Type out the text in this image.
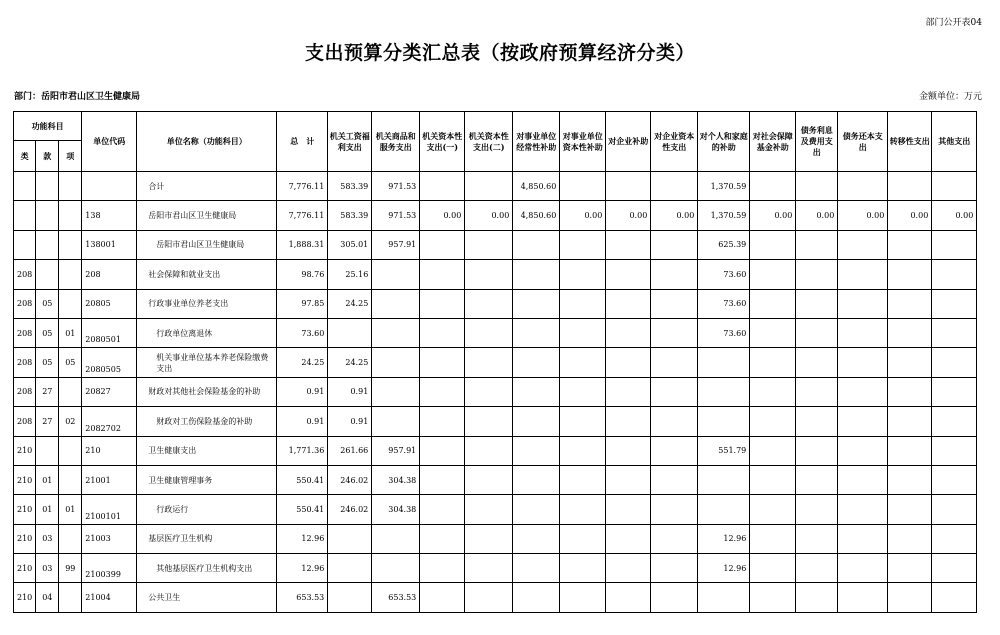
部门公开表04
支出预算分类汇总表（按政府预算经济分类）
部门：岳阳市君山区卫生健康局	金额单位：万元
功能科目			单位代码	单位名称（功能科目）	总　计	机关工资福利支出	机关商品和服务支出	机关资本性支出(一)	机关资本性支出(二)	对事业单位经常性补助	对事业单位资本性补助	对企业补助	对企业资本性支出	对个人和家庭的补助	对社会保障基金补助	债务利息及费用支出	债务还本支出	转移性支出	其他支出
类	款	项																	
				合计	7,776.11	583.39	971.53			4,850.60				1,370.59					
			138	岳阳市君山区卫生健康局	7,776.11	583.39	971.53	0.00	0.00	4,850.60	0.00	0.00	0.00	1,370.59	0.00	0.00	0.00	0.00	0.00
			138001	岳阳市君山区卫生健康局	1,888.31	305.01	957.91							625.39					
208			208	社会保障和就业支出	98.76	25.16								73.60					
208	05		20805	行政事业单位养老支出	97.85	24.25								73.60					
208	05	01	2080501	行政单位离退休	73.60									73.60					
208	05	05	2080505	机关事业单位基本养老保险缴费支出	24.25	24.25													
208	27		20827	财政对其他社会保险基金的补助	0.91	0.91													
208	27	02	2082702	财政对工伤保险基金的补助	0.91	0.91													
210			210	卫生健康支出	1,771.36	261.66	957.91							551.79					
210	01		21001	卫生健康管理事务	550.41	246.02	304.38												
210	01	01	2100101	行政运行	550.41	246.02	304.38												
210	03		21003	基层医疗卫生机构	12.96									12.96					
210	03	99	2100399	其他基层医疗卫生机构支出	12.96									12.96					
210	04		21004	公共卫生	653.53		653.53												
